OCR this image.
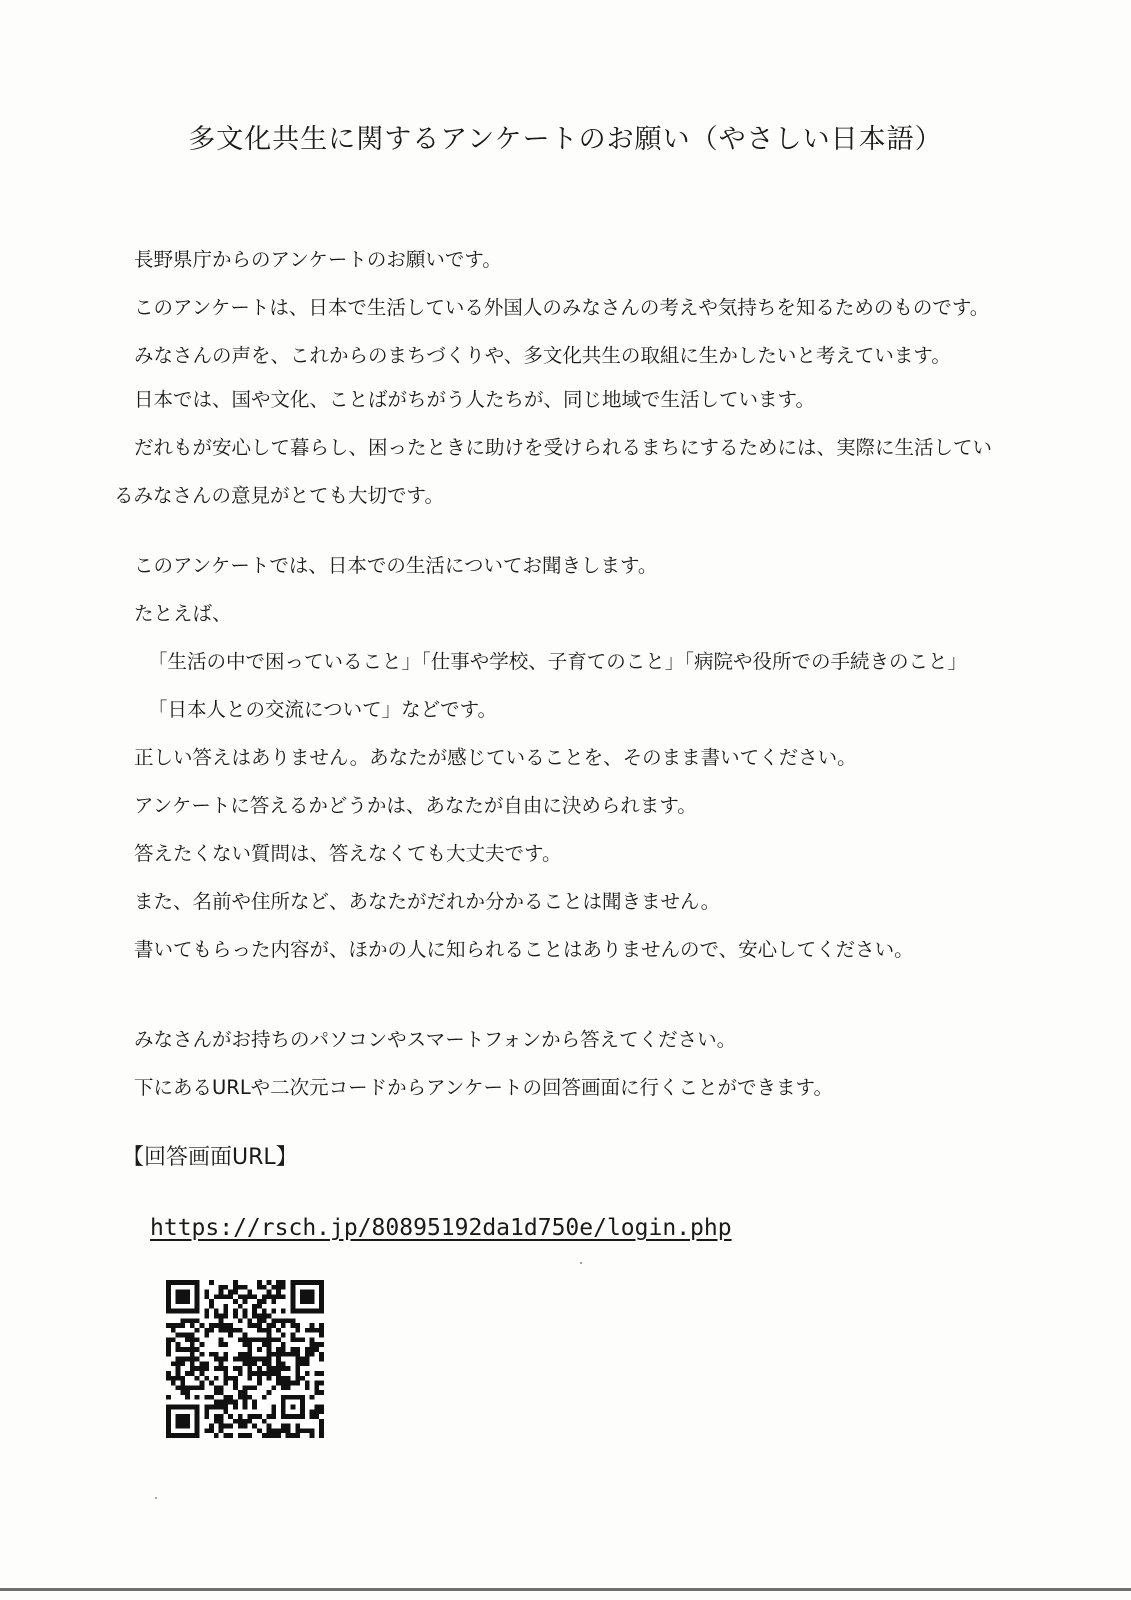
多文化共生に関するアンケートのお願い（やさしい日本語）
長野県庁からのアンケートのお願いです。
このアンケートは、日本で生活している外国人のみなさんの考えや気持ちを知るためのものです。
みなさんの声を、これからのまちづくりや、多文化共生の取組に生かしたいと考えています。
日本では、国や文化、ことばがちがう人たちが、同じ地域で生活しています。
だれもが安心して暮らし、困ったときに助けを受けられるまちにするためには、実際に生活してい
るみなさんの意見がとても大切です。
このアンケートでは、日本での生活についてお聞きします。
たとえば、
「生活の中で困っていること」「仕事や学校、子育てのこと」「病院や役所での手続きのこと」
「日本人との交流について」などです。
正しい答えはありません。あなたが感じていることを、そのまま書いてください。
アンケートに答えるかどうかは、あなたが自由に決められます。
答えたくない質問は、答えなくても大丈夫です。
また、名前や住所など、あなたがだれか分かることは聞きません。
書いてもらった内容が、ほかの人に知られることはありませんので、安心してください。
みなさんがお持ちのパソコンやスマートフォンから答えてください。
下にあるURLや二次元コードからアンケートの回答画面に行くことができます。
【回答画面URL】
https://rsch.jp/80895192da1d750e/login.php
